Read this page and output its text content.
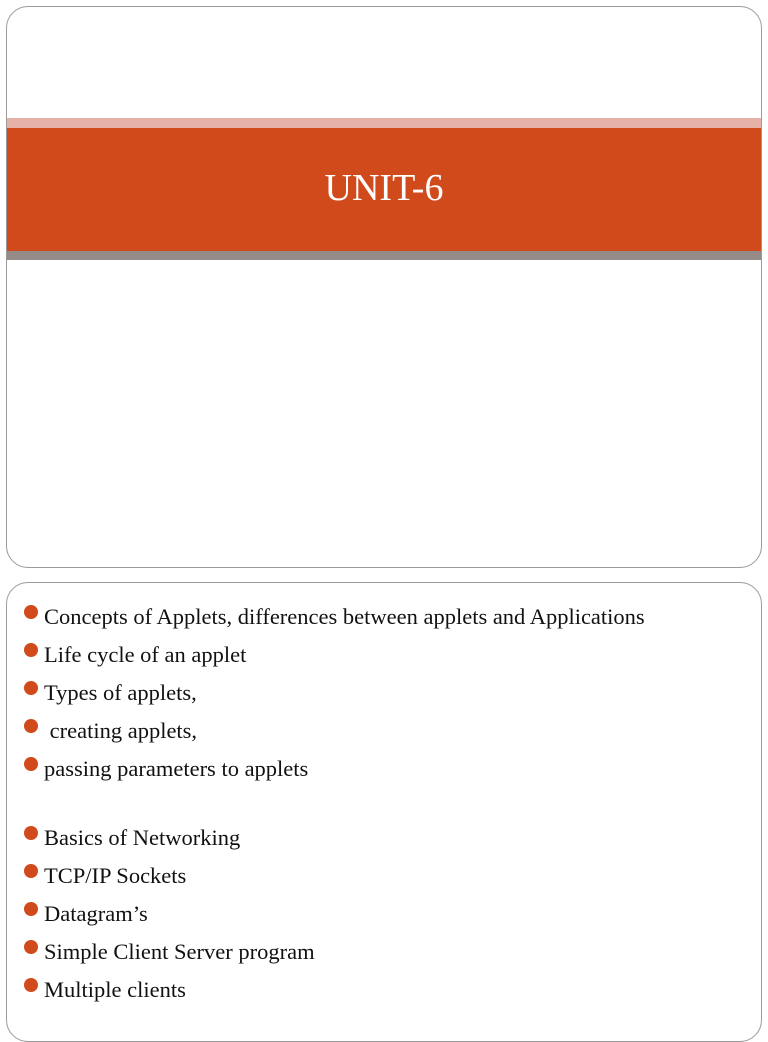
UNIT-6
Concepts of Applets, differences between applets and Applications
Life cycle of an applet
Types of applets,
creating applets,
passing parameters to applets
Basics of Networking
TCP/IP Sockets
Datagram’s
Simple Client Server program
Multiple clients
